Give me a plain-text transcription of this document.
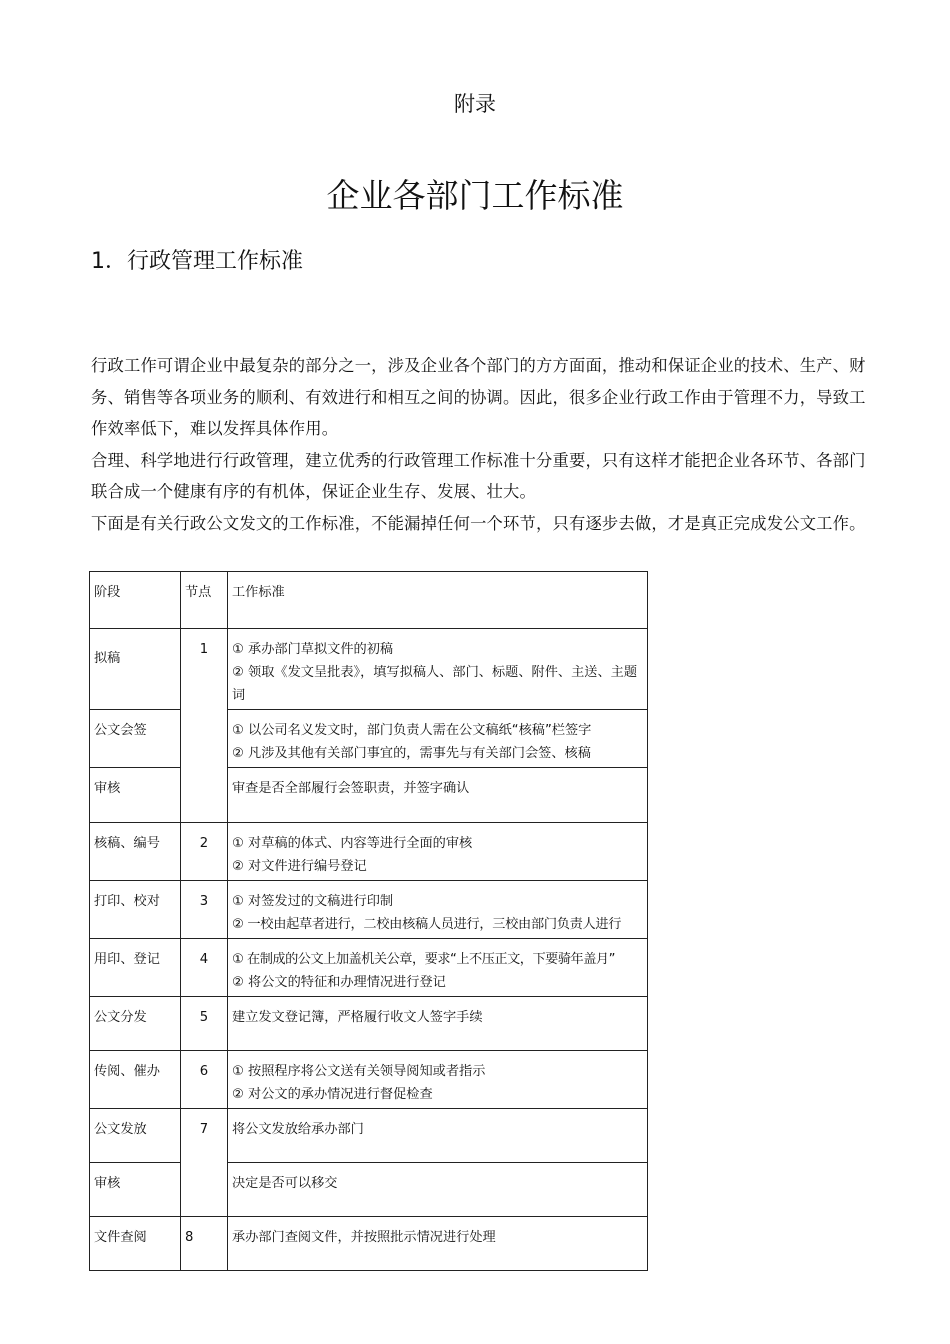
附录
企业各部门工作标准
1．行政管理工作标准

行政工作可谓企业中最复杂的部分之一，涉及企业各个部门的方方面面，推动和保证企业的技术、生产、财务、销售等各项业务的顺利、有效进行和相互之间的协调。因此，很多企业行政工作由于管理不力，导致工作效率低下，难以发挥具体作用。

合理、科学地进行行政管理，建立优秀的行政管理工作标准十分重要，只有这样才能把企业各环节、各部门联合成一个健康有序的有机体，保证企业生存、发展、壮大。

下面是有关行政公文发文的工作标准，不能漏掉任何一个环节，只有逐步去做，才是真正完成发公文工作。

阶段	节点	工作标准
拟稿	1	① 承办部门草拟文件的初稿
② 领取《发文呈批表》，填写拟稿人、部门、标题、附件、主送、主题词

公文会签		① 以公司名义发文时，部门负责人需在公文稿纸“核稿”栏签字
② 凡涉及其他有关部门事宜的，需事先与有关部门会签、核稿

审核		审查是否全部履行会签职责，并签字确认

核稿、编号	2	① 对草稿的体式、内容等进行全面的审核
② 对文件进行编号登记

打印、校对	3	① 对签发过的文稿进行印制
② 一校由起草者进行，二校由核稿人员进行，三校由部门负责人进行

用印、登记	4	① 在制成的公文上加盖机关公章，要求“上不压正文，下要骑年盖月”
② 将公文的特征和办理情况进行登记

公文分发	5	建立发文登记簿，严格履行收文人签字手续

传阅、催办	6	① 按照程序将公文送有关领导阅知或者指示
② 对公文的承办情况进行督促检查

公文发放	7	将公文发放给承办部门

审核		决定是否可以移交

文件查阅	8	承办部门查阅文件，并按照批示情况进行处理
